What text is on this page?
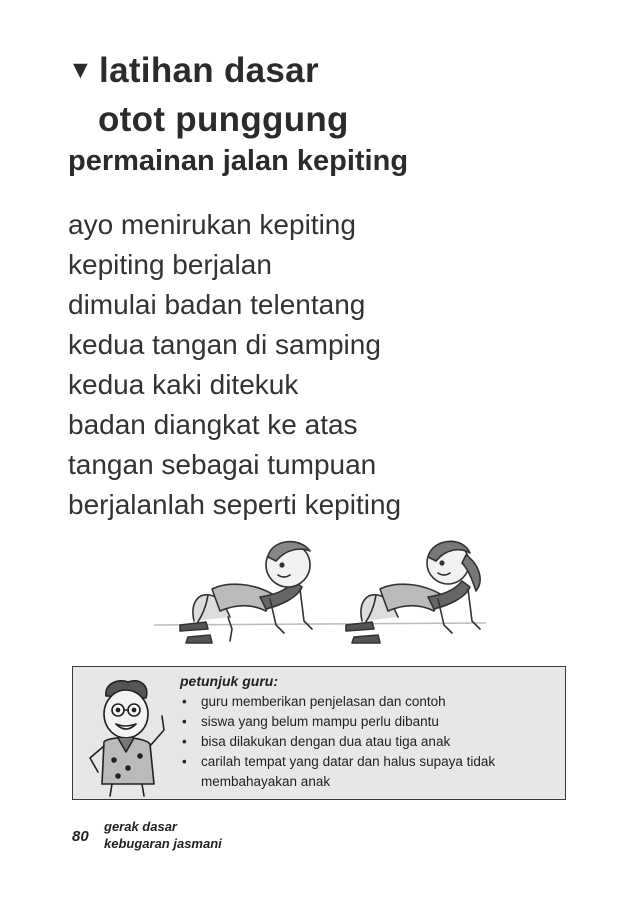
▼ latihan dasar
otot punggung
permainan jalan kepiting
ayo menirukan kepiting
kepiting berjalan
dimulai badan telentang
kedua tangan di samping
kedua kaki ditekuk
badan diangkat ke atas
tangan sebagai tumpuan
berjalanlah seperti kepiting
petunjuk guru:
• guru memberikan penjelasan dan contoh
• siswa yang belum mampu perlu dibantu
• bisa dilakukan dengan dua atau tiga anak
• carilah tempat yang datar dan halus supaya tidak membahayakan anak
80
gerak dasar
kebugaran jasmani
